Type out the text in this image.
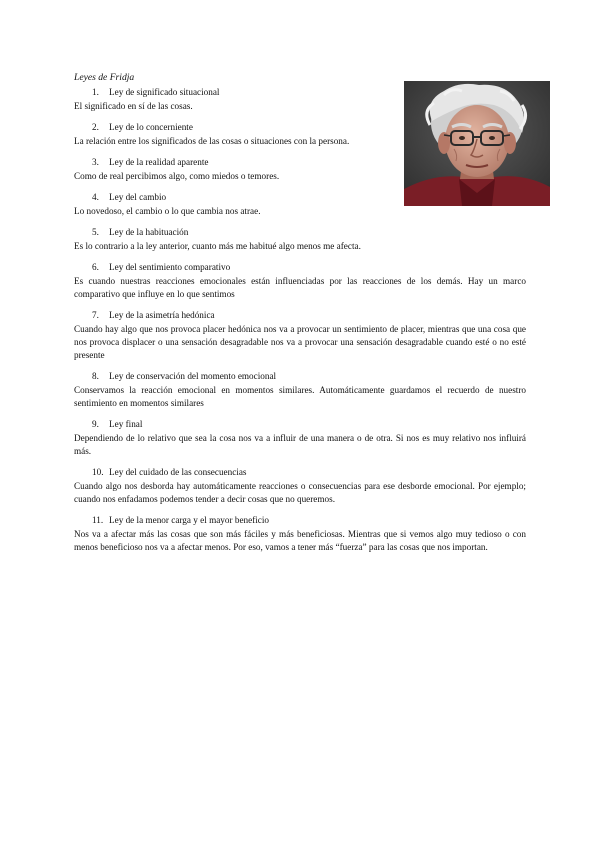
Leyes de Fridja

1. Ley de significado situacional
El significado en sí de las cosas.
2. Ley de lo concerniente
La relación entre los significados de las cosas o situaciones con la persona.
3. Ley de la realidad aparente
Como de real percibimos algo, como miedos o temores.
4. Ley del cambio
Lo novedoso, el cambio o lo que cambia nos atrae.
5. Ley de la habituación
Es lo contrario a la ley anterior, cuanto más me habitué algo menos me afecta.
6. Ley del sentimiento comparativo
Es cuando nuestras reacciones emocionales están influenciadas por las reacciones de los demás. Hay un marco comparativo que influye en lo que sentimos
7. Ley de la asimetría hedónica
Cuando hay algo que nos provoca placer hedónica nos va a provocar un sentimiento de placer, mientras que una cosa que nos provoca displacer o una sensación desagradable nos va a provocar una sensación desagradable cuando esté o no esté presente
8. Ley de conservación del momento emocional
Conservamos la reacción emocional en momentos similares. Automáticamente guardamos el recuerdo de nuestro sentimiento en momentos similares
9. Ley final
Dependiendo de lo relativo que sea la cosa nos va a influir de una manera o de otra. Si nos es muy relativo nos influirá más.
10. Ley del cuidado de las consecuencias
Cuando algo nos desborda hay automáticamente reacciones o consecuencias para ese desborde emocional. Por ejemplo; cuando nos enfadamos podemos tender a decir cosas que no queremos.
11. Ley de la menor carga y el mayor beneficio
Nos va a afectar más las cosas que son más fáciles y más beneficiosas. Mientras que si vemos algo muy tedioso o con menos beneficioso nos va a afectar menos. Por eso, vamos a tener más “fuerza” para las cosas que nos importan.
